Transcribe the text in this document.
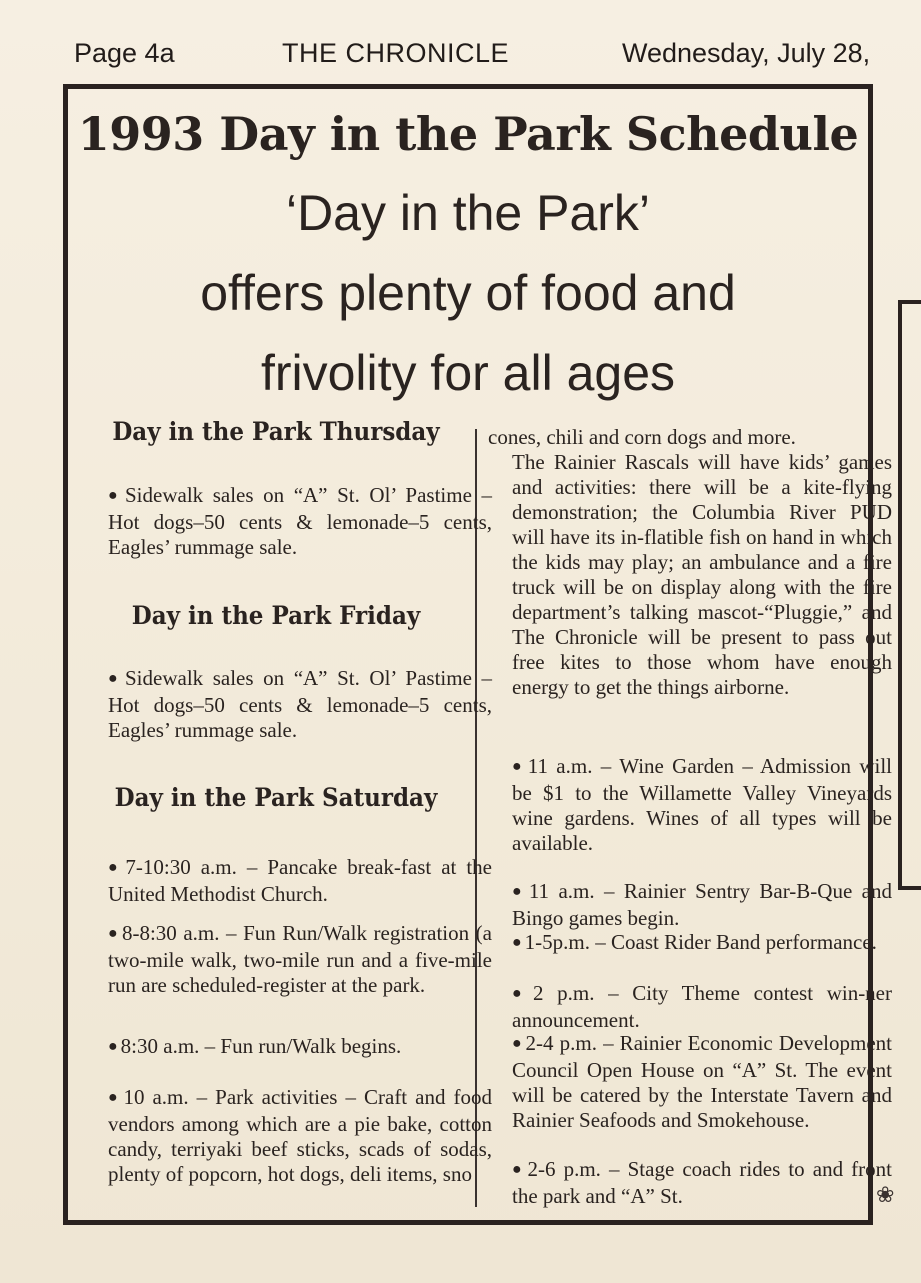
Page 4a	THE CHRONICLE	Wednesday, July 28,
❀
1993 Day in the Park Schedule
‘Day in the Park’
offers plenty of food and
frivolity for all ages
Day in the Park Thursday
● Sidewalk sales on “A” St. Ol’ Pastime – Hot dogs–50 cents & lemonade–5 cents, Eagles’ rummage sale.
Day in the Park Friday
● Sidewalk sales on “A” St. Ol’ Pastime – Hot dogs–50 cents & lemonade–5 cents, Eagles’ rummage sale.
Day in the Park Saturday
● 7-10:30 a.m. – Pancake break-fast at the United Methodist Church.
● 8-8:30 a.m. – Fun Run/Walk registration (a two-mile walk, two-mile run and a five-mile run are scheduled-register at the park.
● 8:30 a.m. – Fun run/Walk begins.
● 10 a.m. – Park activities – Craft and food vendors among which are a pie bake, cotton candy, terriyaki beef sticks, scads of sodas, plenty of popcorn, hot dogs, deli items, sno
cones, chili and corn dogs and more.
The Rainier Rascals will have kids’ games and activities: there will be a kite-flying demonstration; the Columbia River PUD will have its in-flatible fish on hand in which the kids may play; an ambulance and a fire truck will be on display along with the fire department’s talking mascot-“Pluggie,” and The Chronicle will be present to pass out free kites to those whom have enough energy to get the things airborne.
● 11 a.m. – Wine Garden – Admission will be $1 to the Willamette Valley Vineyards wine gardens. Wines of all types will be available.
● 11 a.m. – Rainier Sentry Bar-B-Que and Bingo games begin.
● 1-5p.m. – Coast Rider Band performance.
● 2 p.m. – City Theme contest win-ner announcement.
● 2-4 p.m. – Rainier Economic Development Council Open House on “A” St. The event will be catered by the Interstate Tavern and Rainier Seafoods and Smokehouse.
● 2-6 p.m. – Stage coach rides to and front the park and “A” St.
